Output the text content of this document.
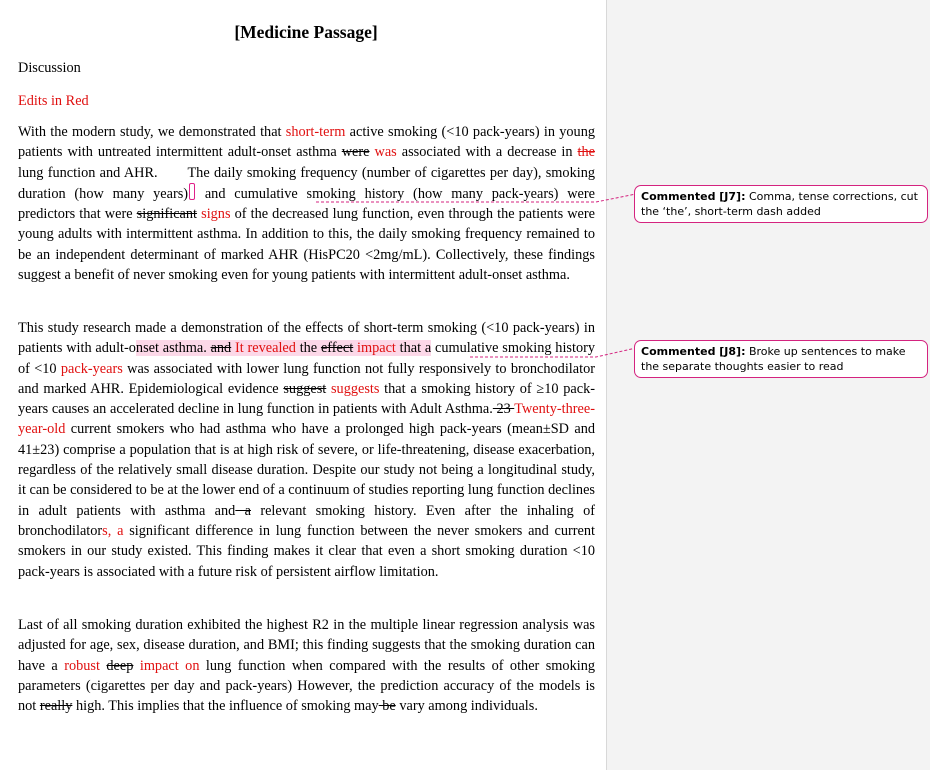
[Medicine Passage]
Discussion
Edits in Red
With the modern study, we demonstrated that short-term active smoking (<10 pack-years) in young patients with untreated intermittent adult-onset asthma were was associated with a decrease in the lung function and AHR.       The daily smoking frequency (number of cigarettes per day), smoking duration (how many years) and cumulative smoking history (how many pack-years) were predictors that were significant signs of the decreased lung function, even through the patients were young adults with intermittent asthma. In addition to this, the daily smoking frequency remained to be an independent determinant of marked AHR (HisPC20 <2mg/mL). Collectively, these findings suggest a benefit of never smoking even for young patients with intermittent adult-onset asthma.
This study research made a demonstration of the effects of short-term smoking (<10 pack-years) in patients with adult-onset asthma. and It revealed the effect impact that a cumulative smoking history of <10 pack-years was associated with lower lung function not fully responsively to bronchodilator and marked AHR. Epidemiological evidence suggest suggests that a smoking history of ≥10 pack-years causes an accelerated decline in lung function in patients with Adult Asthma. 23 Twenty-three-year-old current smokers who had asthma who have a prolonged high pack-years (mean±SD and 41±23) comprise a population that is at high risk of severe, or life-threatening, disease exacerbation, regardless of the relatively small disease duration. Despite our study not being a longitudinal study, it can be considered to be at the lower end of a continuum of studies reporting lung function declines in adult patients with asthma and a relevant smoking history. Even after the inhaling of bronchodilators, a significant difference in lung function between the never smokers and current smokers in our study existed. This finding makes it clear that even a short smoking duration <10 pack-years is associated with a future risk of persistent airflow limitation.
Last of all smoking duration exhibited the highest R2 in the multiple linear regression analysis was adjusted for age, sex, disease duration, and BMI; this finding suggests that the smoking duration can have a robust deep impact on lung function when compared with the results of other smoking parameters (cigarettes per day and pack-years) However, the prediction accuracy of the models is not really high. This implies that the influence of smoking may be vary among individuals.
Commented [J7]: Comma, tense corrections, cut the ‘the’, short-term dash added
Commented [J8]: Broke up sentences to make the separate thoughts easier to read
